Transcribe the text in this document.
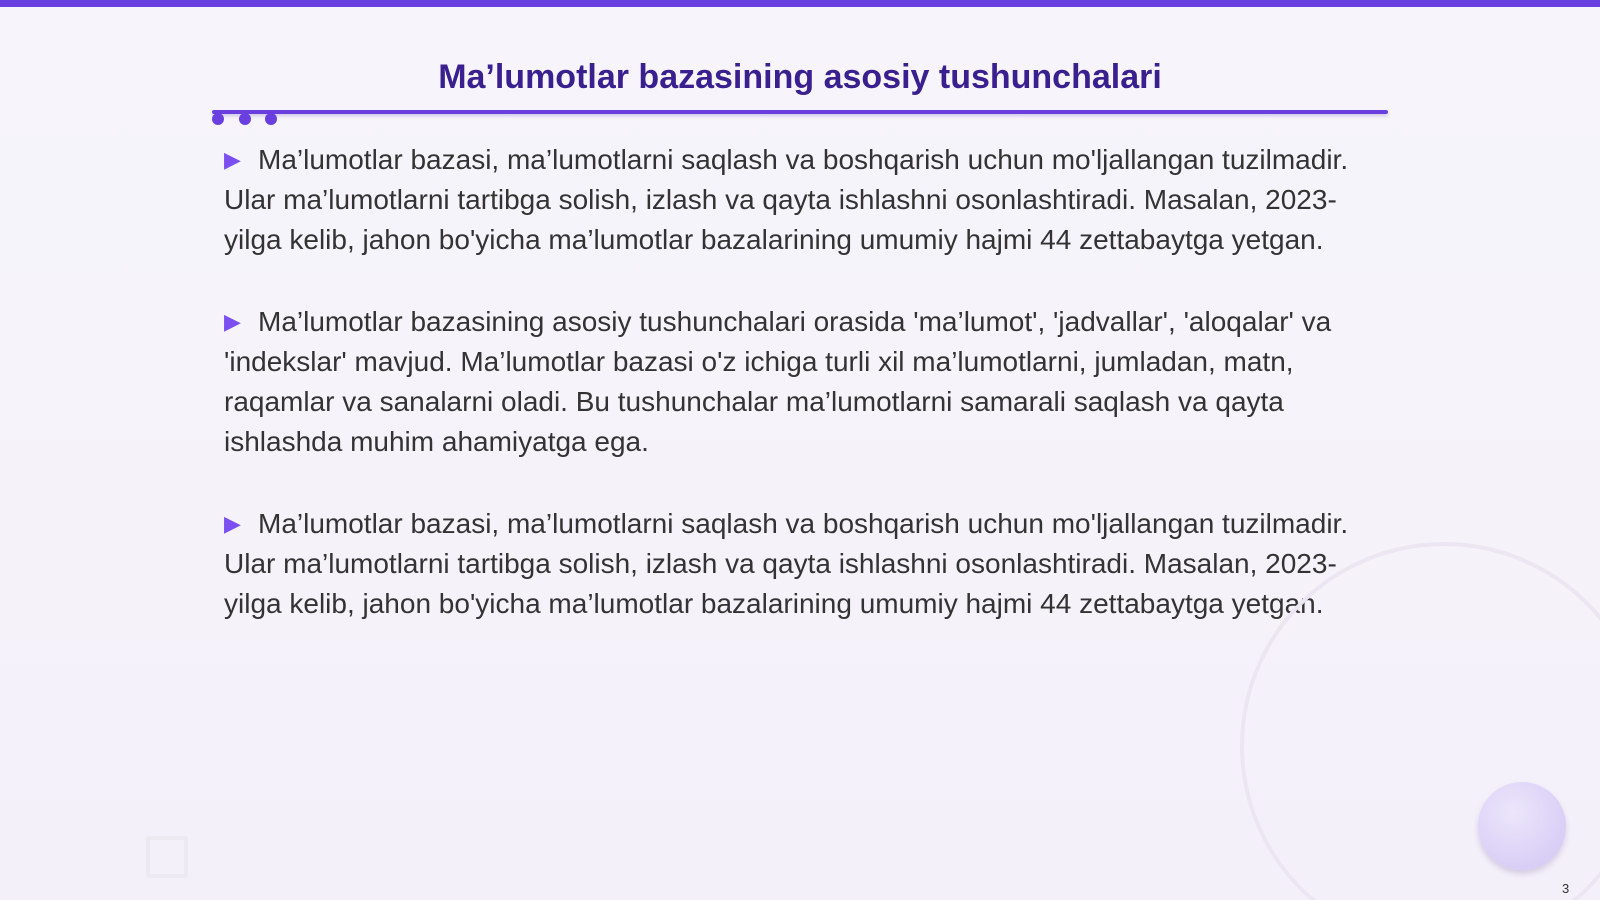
Ma’lumotlar bazasining asosiy tushunchalari

▶ Ma’lumotlar bazasi, ma’lumotlarni saqlash va boshqarish uchun mo'ljallangan tuzilmadir. Ular ma’lumotlarni tartibga solish, izlash va qayta ishlashni osonlashtiradi. Masalan, 2023-yilga kelib, jahon bo'yicha ma’lumotlar bazalarining umumiy hajmi 44 zettabaytga yetgan.

▶ Ma’lumotlar bazasining asosiy tushunchalari orasida 'ma’lumot', 'jadvallar', 'aloqalar' va 'indekslar' mavjud. Ma’lumotlar bazasi o'z ichiga turli xil ma’lumotlarni, jumladan, matn, raqamlar va sanalarni oladi. Bu tushunchalar ma’lumotlarni samarali saqlash va qayta ishlashda muhim ahamiyatga ega.

▶ Ma’lumotlar bazasi, ma’lumotlarni saqlash va boshqarish uchun mo'ljallangan tuzilmadir. Ular ma’lumotlarni tartibga solish, izlash va qayta ishlashni osonlashtiradi. Masalan, 2023-yilga kelib, jahon bo'yicha ma’lumotlar bazalarining umumiy hajmi 44 zettabaytga yetgan.

3
